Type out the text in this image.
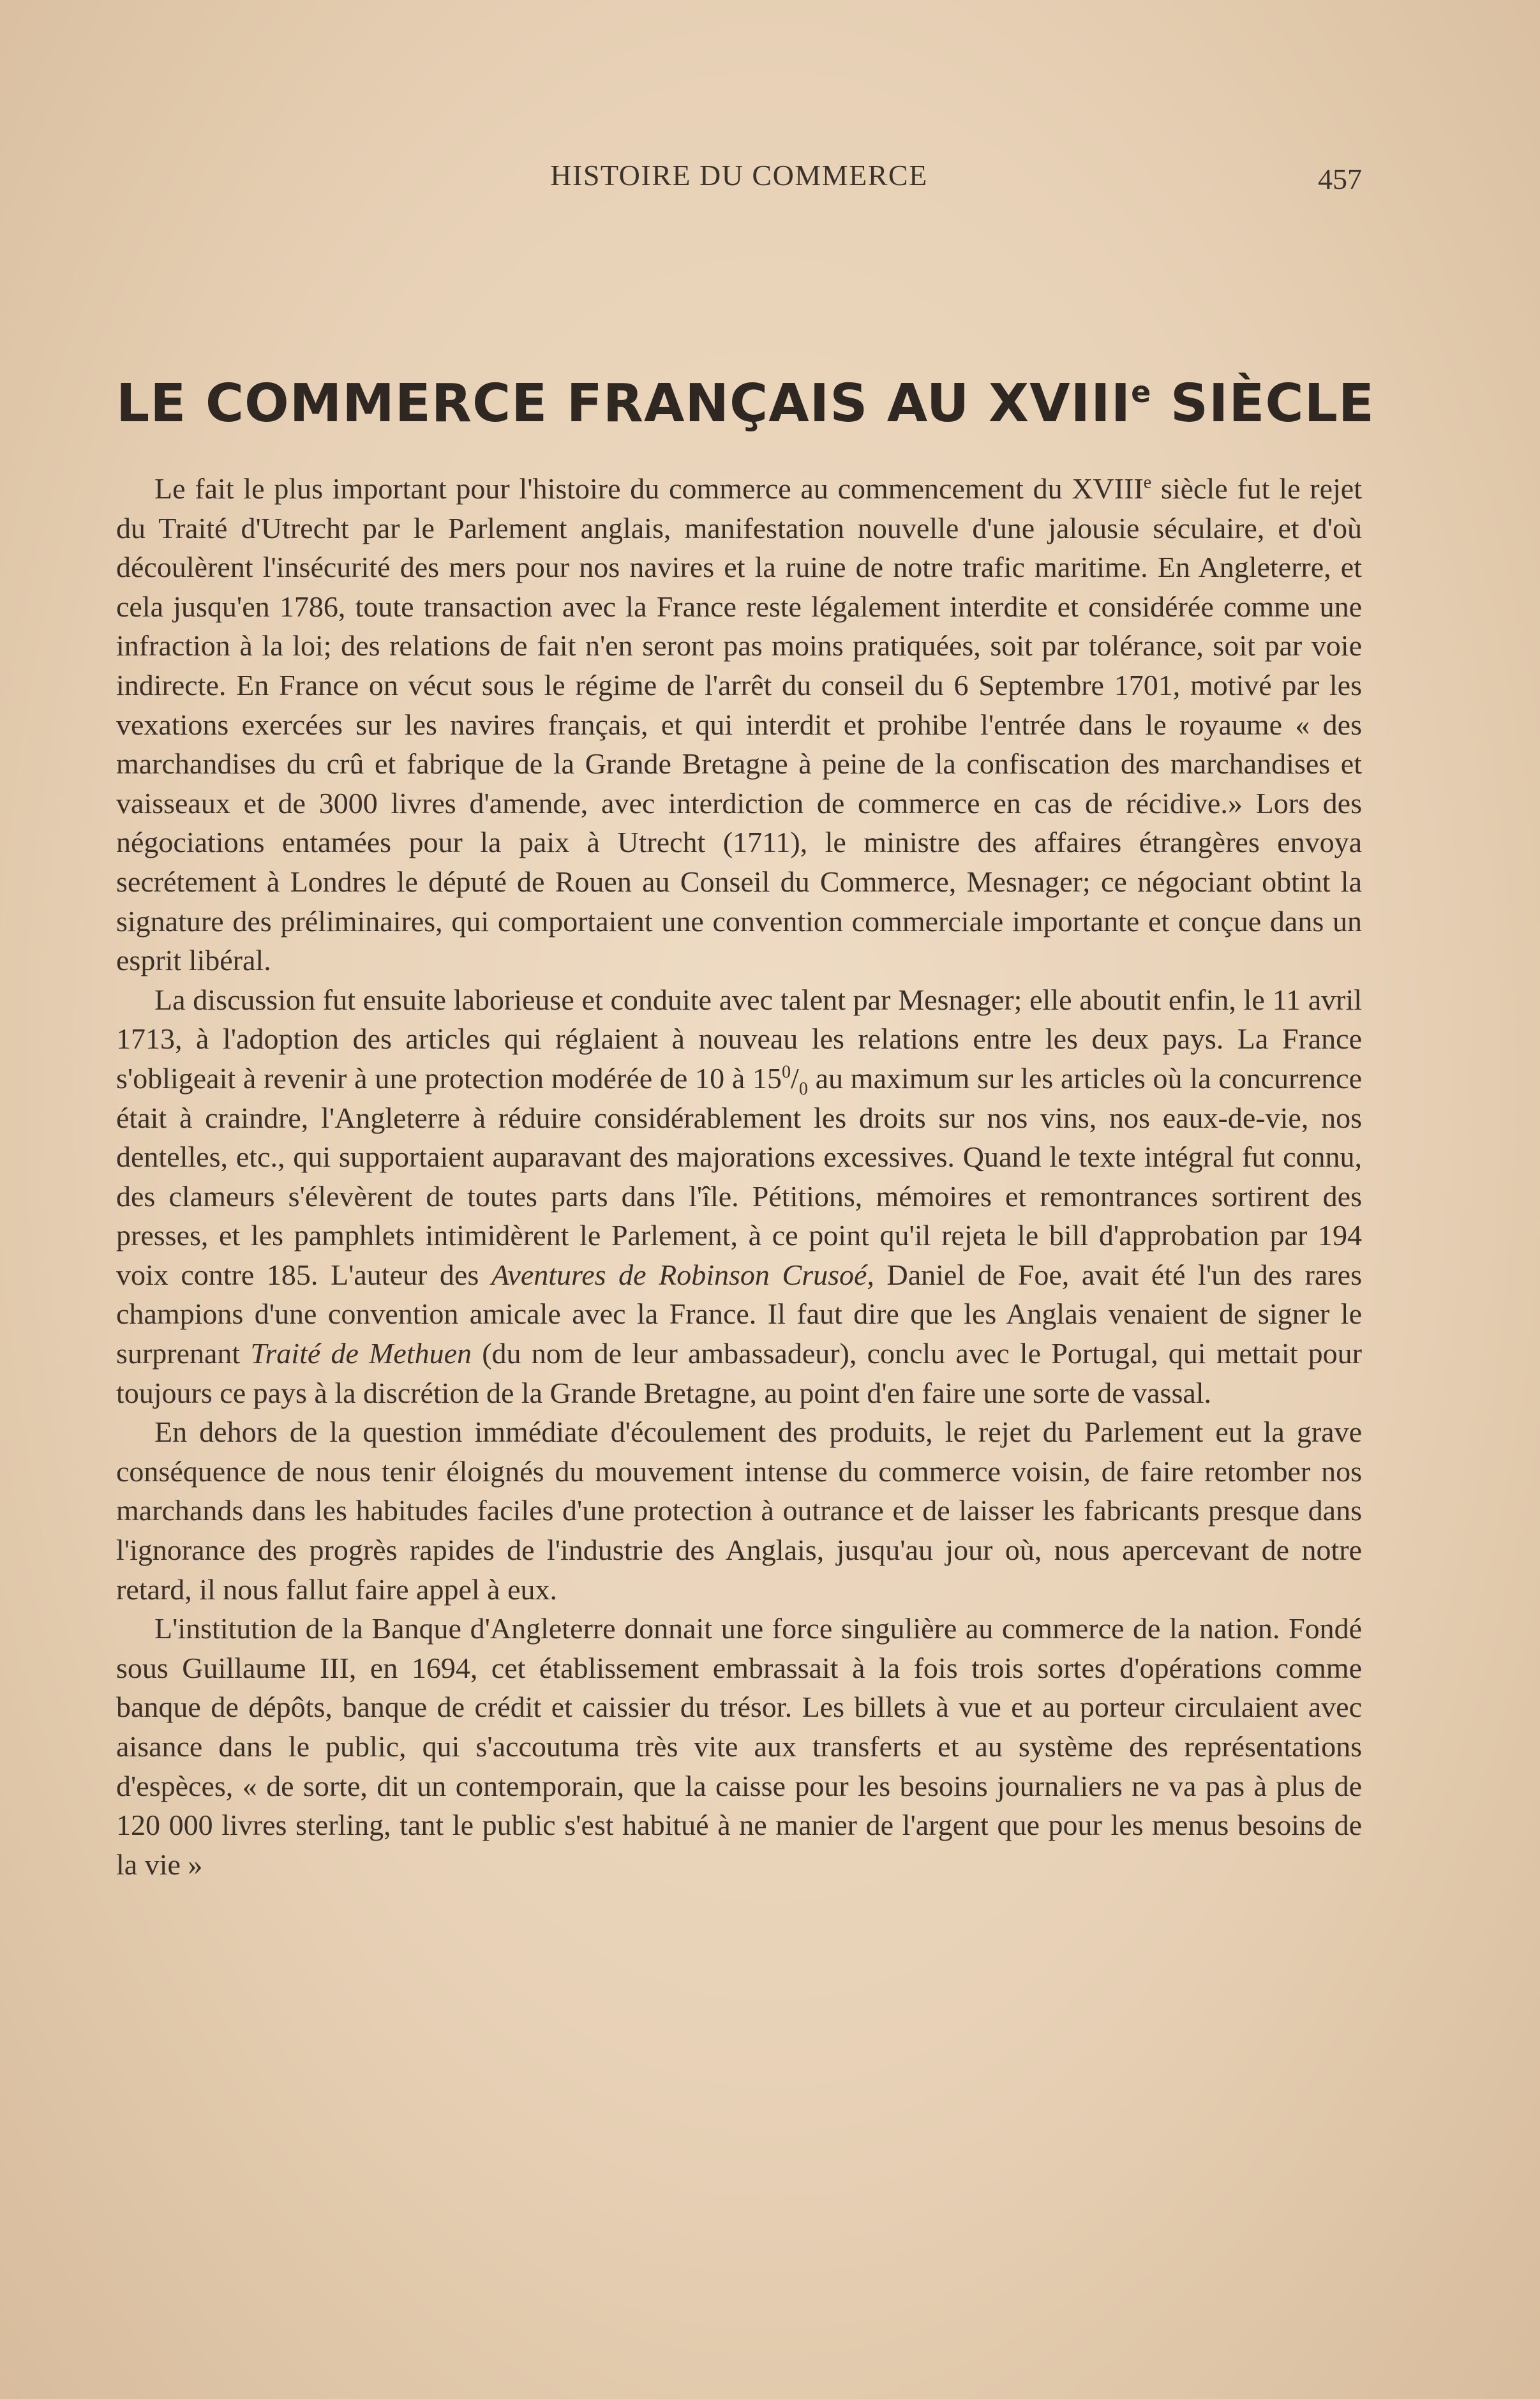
HISTOIRE DU COMMERCE	457
LE COMMERCE FRANÇAIS AU XVIIIe SIÈCLE

Le fait le plus important pour l'histoire du commerce au commencement du XVIIIe siècle fut le rejet du Traité d'Utrecht par le Parlement anglais, manifestation nouvelle d'une jalousie séculaire, et d'où découlèrent l'insécurité des mers pour nos navires et la ruine de notre trafic maritime. En Angleterre, et cela jusqu'en 1786, toute transaction avec la France reste légalement interdite et considérée comme une infraction à la loi; des relations de fait n'en seront pas moins pratiquées, soit par tolérance, soit par voie indirecte. En France on vécut sous le régime de l'arrêt du conseil du 6 Septembre 1701, motivé par les vexations exercées sur les navires français, et qui interdit et prohibe l'entrée dans le royaume « des marchandises du crû et fabrique de la Grande Bretagne à peine de la confiscation des marchandises et vaisseaux et de 3000 livres d'amende, avec interdiction de commerce en cas de récidive.» Lors des négociations entamées pour la paix à Utrecht (1711), le ministre des affaires étrangères envoya secrétement à Londres le député de Rouen au Conseil du Commerce, Mesnager; ce négociant obtint la signature des préliminaires, qui comportaient une convention commerciale importante et conçue dans un esprit libéral.

La discussion fut ensuite laborieuse et conduite avec talent par Mesnager; elle aboutit enfin, le 11 avril 1713, à l'adoption des articles qui réglaient à nouveau les relations entre les deux pays. La France s'obligeait à revenir à une protection modérée de 10 à $15^0/_0$ au maximum sur les articles où la concurrence était à craindre, l'Angleterre à réduire considérablement les droits sur nos vins, nos eaux-de-vie, nos dentelles, etc., qui supportaient auparavant des majorations excessives. Quand le texte intégral fut connu, des clameurs s'élevèrent de toutes parts dans l'île. Pétitions, mémoires et remontrances sortirent des presses, et les pamphlets intimidèrent le Parlement, à ce point qu'il rejeta le bill d'approbation par 194 voix contre 185. L'auteur des Aventures de Robinson Crusoé, Daniel de Foe, avait été l'un des rares champions d'une convention amicale avec la France. Il faut dire que les Anglais venaient de signer le surprenant Traité de Methuen (du nom de leur ambassadeur), conclu avec le Portugal, qui mettait pour toujours ce pays à la discrétion de la Grande Bretagne, au point d'en faire une sorte de vassal.

En dehors de la question immédiate d'écoulement des produits, le rejet du Parlement eut la grave conséquence de nous tenir éloignés du mouvement intense du commerce voisin, de faire retomber nos marchands dans les habitudes faciles d'une protection à outrance et de laisser les fabricants presque dans l'ignorance des progrès rapides de l'industrie des Anglais, jusqu'au jour où, nous apercevant de notre retard, il nous fallut faire appel à eux.

L'institution de la Banque d'Angleterre donnait une force singulière au commerce de la nation. Fondé sous Guillaume III, en 1694, cet établissement embrassait à la fois trois sortes d'opérations comme banque de dépôts, banque de crédit et caissier du trésor. Les billets à vue et au porteur circulaient avec aisance dans le public, qui s'accoutuma très vite aux transferts et au système des représentations d'espèces, « de sorte, dit un contemporain, que la caisse pour les besoins journaliers ne va pas à plus de 120 000 livres sterling, tant le public s'est habitué à ne manier de l'argent que pour les menus besoins de la vie »
